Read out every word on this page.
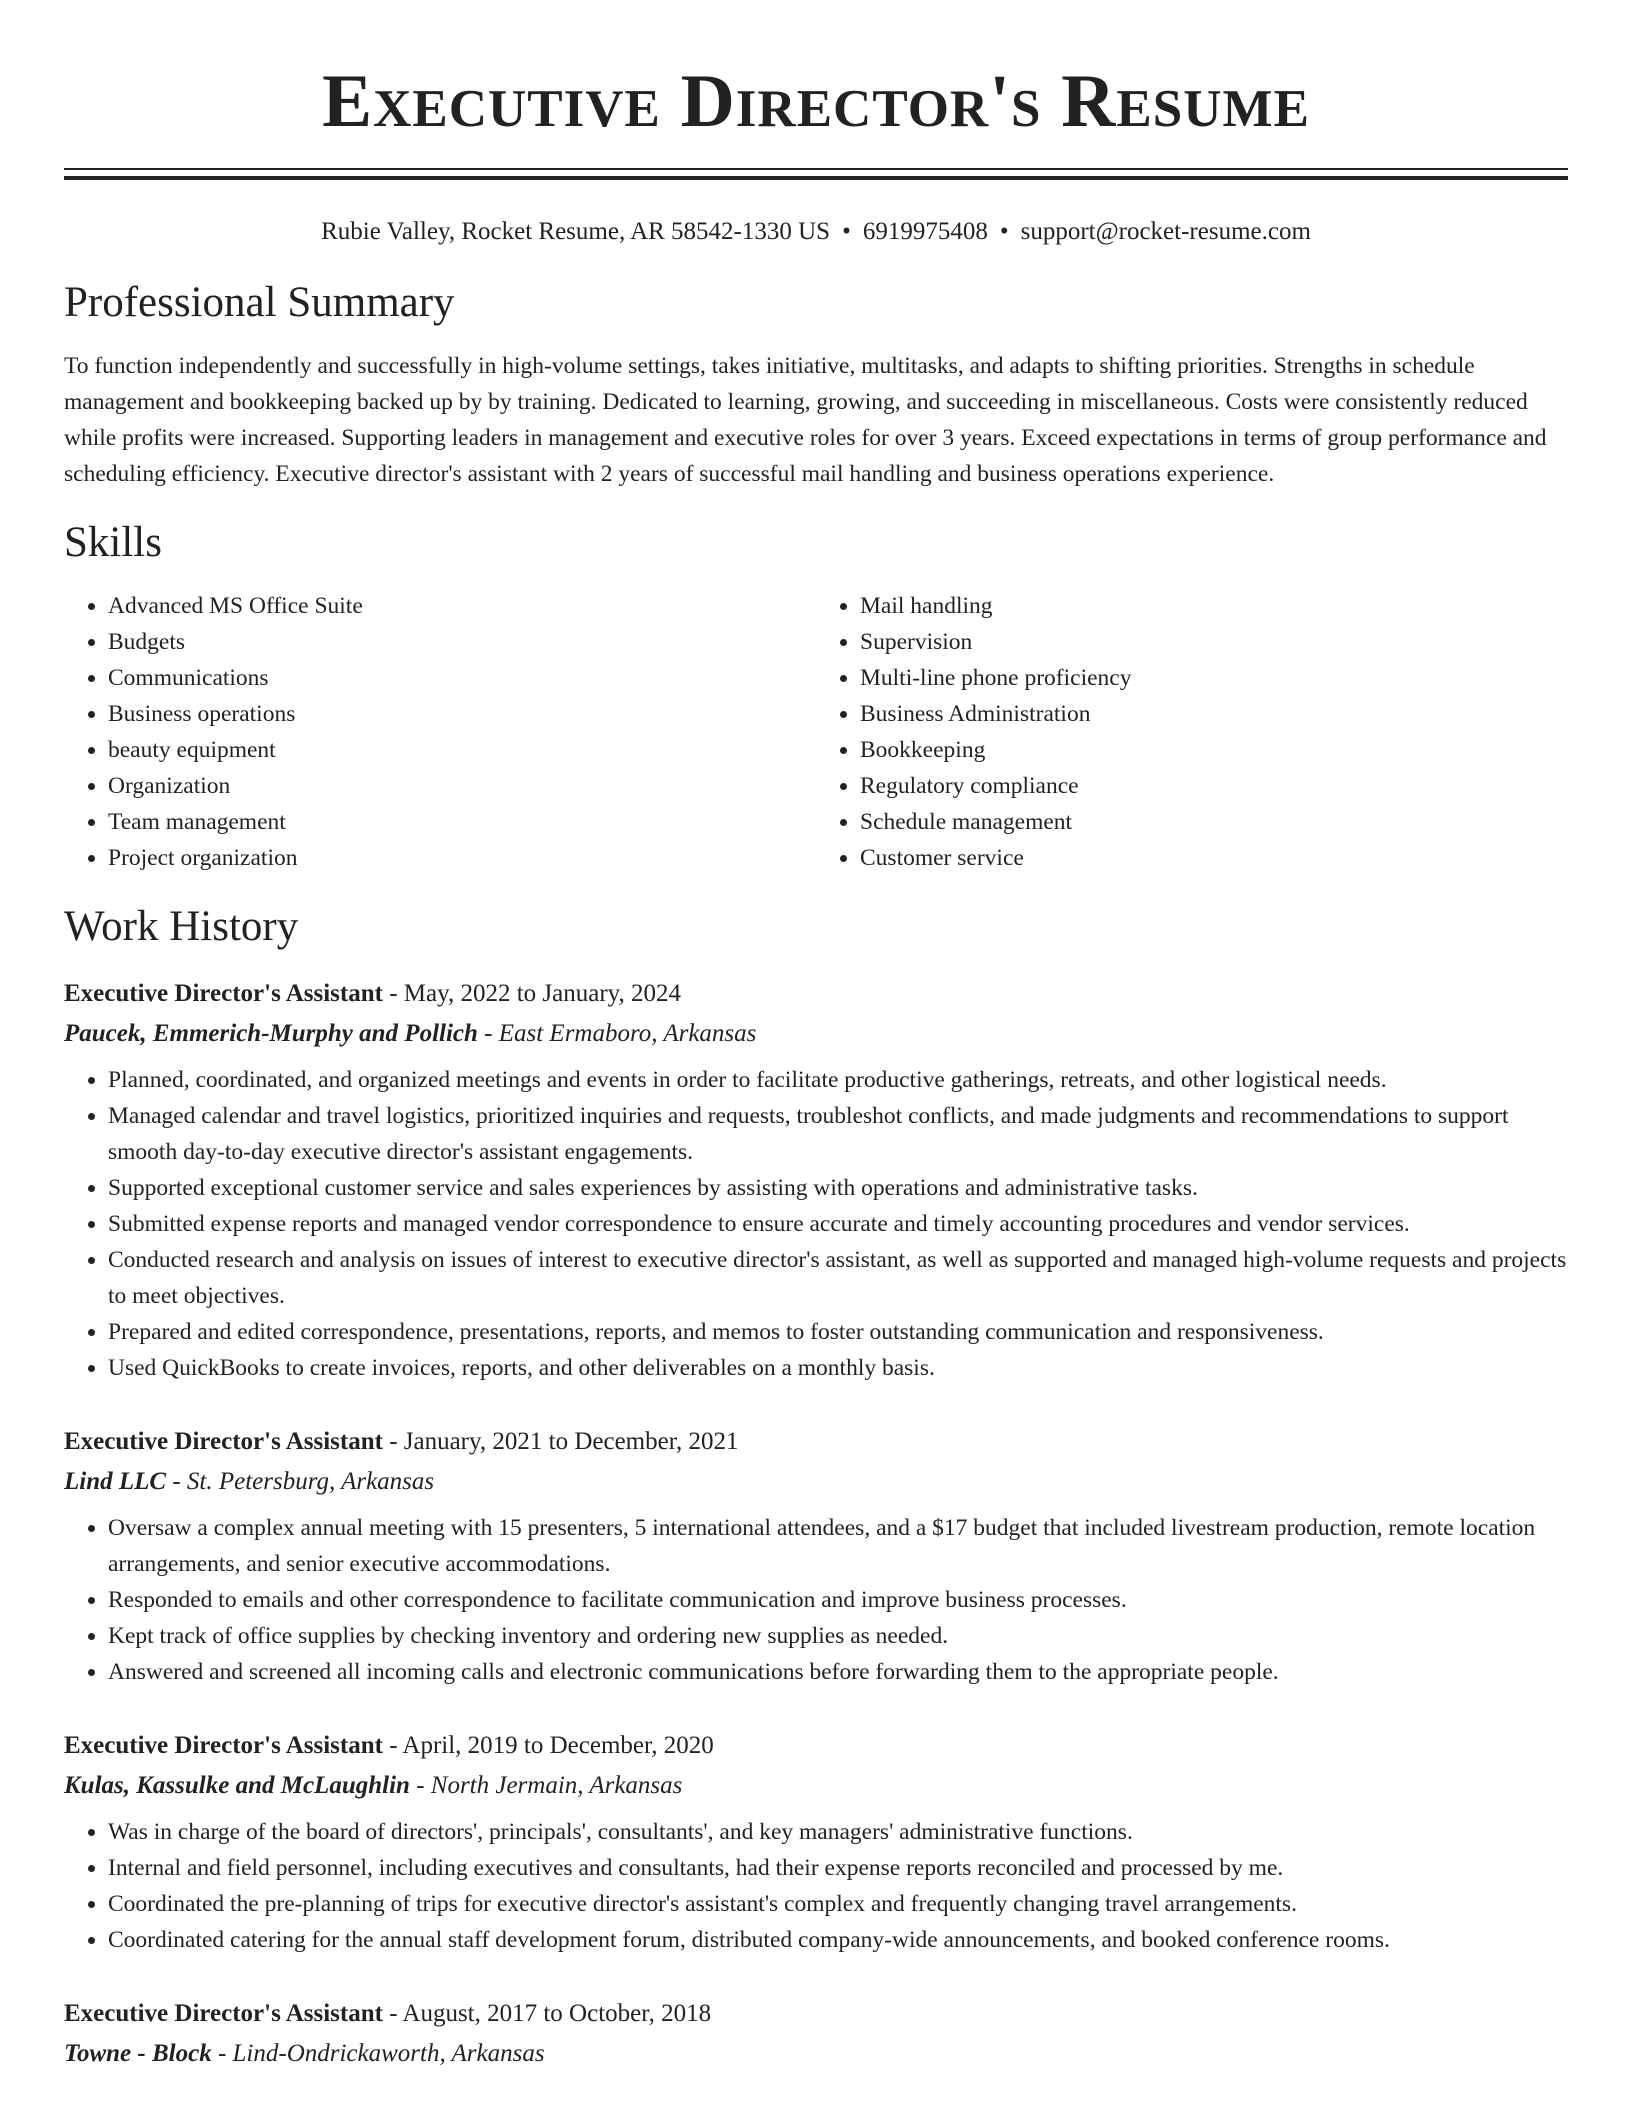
Executive Director's Resume
Rubie Valley, Rocket Resume, AR 58542-1330 US • 6919975408 • support@rocket-resume.com
Professional Summary

To function independently and successfully in high-volume settings, takes initiative, multitasks, and adapts to shifting priorities. Strengths in schedule management and bookkeeping backed up by by training. Dedicated to learning, growing, and succeeding in miscellaneous. Costs were consistently reduced while profits were increased. Supporting leaders in management and executive roles for over 3 years. Exceed expectations in terms of group performance and scheduling efficiency. Executive director's assistant with 2 years of successful mail handling and business operations experience.

Skills
• Advanced MS Office Suite
• Budgets
• Communications
• Business operations
• beauty equipment
• Organization
• Team management
• Project organization
• Mail handling
• Supervision
• Multi-line phone proficiency
• Business Administration
• Bookkeeping
• Regulatory compliance
• Schedule management
• Customer service
Work History

Executive Director's Assistant - May, 2022 to January, 2024

Paucek, Emmerich-Murphy and Pollich - East Ermaboro, Arkansas

• Planned, coordinated, and organized meetings and events in order to facilitate productive gatherings, retreats, and other logistical needs.
• Managed calendar and travel logistics, prioritized inquiries and requests, troubleshot conflicts, and made judgments and recommendations to support smooth day-to-day executive director's assistant engagements.
• Supported exceptional customer service and sales experiences by assisting with operations and administrative tasks.
• Submitted expense reports and managed vendor correspondence to ensure accurate and timely accounting procedures and vendor services.
• Conducted research and analysis on issues of interest to executive director's assistant, as well as supported and managed high-volume requests and projects to meet objectives.
• Prepared and edited correspondence, presentations, reports, and memos to foster outstanding communication and responsiveness.
• Used QuickBooks to create invoices, reports, and other deliverables on a monthly basis.

Executive Director's Assistant - January, 2021 to December, 2021

Lind LLC - St. Petersburg, Arkansas

• Oversaw a complex annual meeting with 15 presenters, 5 international attendees, and a $17 budget that included livestream production, remote location arrangements, and senior executive accommodations.
• Responded to emails and other correspondence to facilitate communication and improve business processes.
• Kept track of office supplies by checking inventory and ordering new supplies as needed.
• Answered and screened all incoming calls and electronic communications before forwarding them to the appropriate people.

Executive Director's Assistant - April, 2019 to December, 2020

Kulas, Kassulke and McLaughlin - North Jermain, Arkansas

• Was in charge of the board of directors', principals', consultants', and key managers' administrative functions.
• Internal and field personnel, including executives and consultants, had their expense reports reconciled and processed by me.
• Coordinated the pre-planning of trips for executive director's assistant's complex and frequently changing travel arrangements.
• Coordinated catering for the annual staff development forum, distributed company-wide announcements, and booked conference rooms.

Executive Director's Assistant - August, 2017 to October, 2018

Towne - Block - Lind-Ondrickaworth, Arkansas
